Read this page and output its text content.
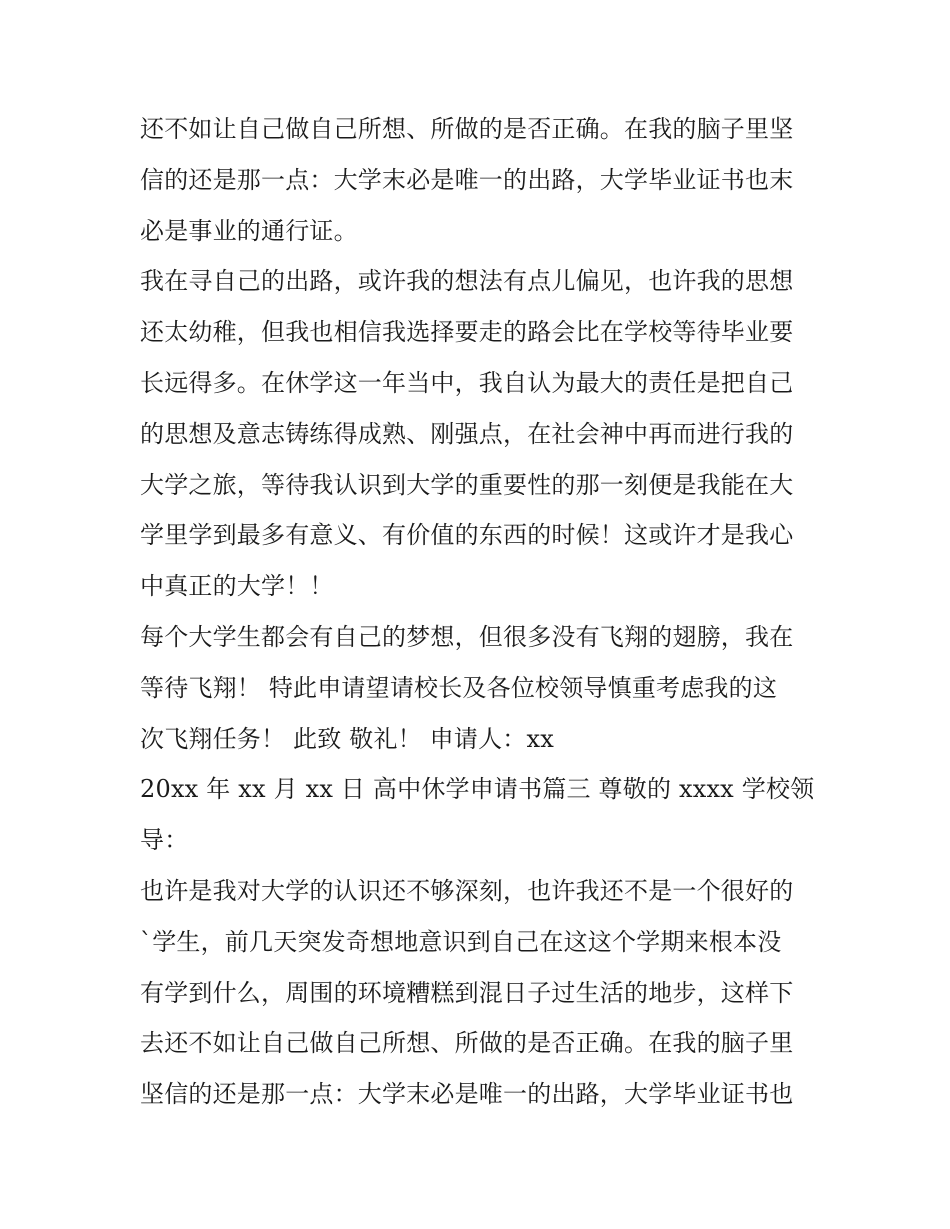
还不如让自己做自己所想、所做的是否正确。在我的脑子里坚
信的还是那一点：大学末必是唯一的出路，大学毕业证书也末
必是事业的通行证。
我在寻自己的出路，或许我的想法有点儿偏见，也许我的思想
还太幼稚，但我也相信我选择要走的路会比在学校等待毕业要
长远得多。在休学这一年当中，我自认为最大的责任是把自己
的思想及意志铸练得成熟、刚强点，在社会神中再而进行我的
大学之旅，等待我认识到大学的重要性的那一刻便是我能在大
学里学到最多有意义、有价值的东西的时候！这或许才是我心
中真正的大学！！
每个大学生都会有自己的梦想，但很多没有飞翔的翅膀，我在
等待飞翔！ 特此申请望请校长及各位校领导慎重考虑我的这
次飞翔任务！ 此致 敬礼！ 申请人：xx
20xx 年 xx 月 xx 日 高中休学申请书篇三 尊敬的 xxxx 学校领
导：
也许是我对大学的认识还不够深刻，也许我还不是一个很好的
`学生，前几天突发奇想地意识到自己在这这个学期来根本没
有学到什么，周围的环境糟糕到混日子过生活的地步，这样下
去还不如让自己做自己所想、所做的是否正确。在我的脑子里
坚信的还是那一点：大学末必是唯一的出路，大学毕业证书也
